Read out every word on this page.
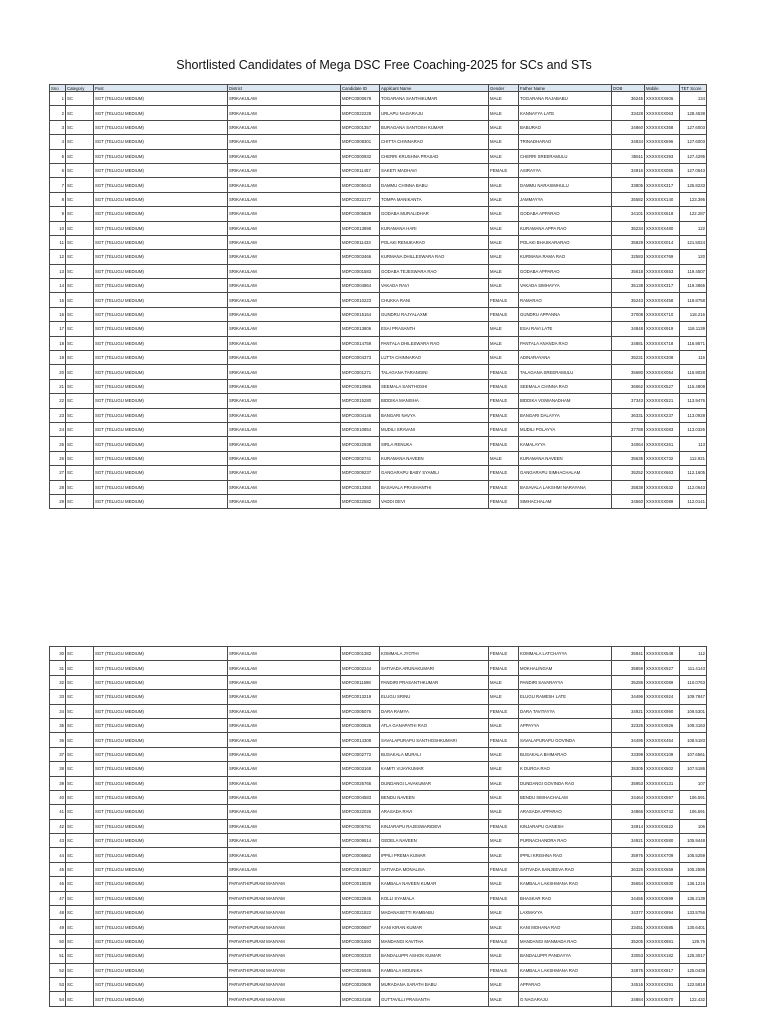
Shortlisted Candidates of Mega DSC Free Coaching-2025 for SCs and STs
Sno	Category	Post	District	Candidate ID	Applicant Name	Gender	Father Name	DOB	Mobile	TET Score
1	SC	SGT (TELUGU MEDIUM)	SRIKAKULAM	MDFC0000678	TOGARANA SANTHIKUMAR	MALE	TOGARANA RAJABABU	36245	XXXXXXX606	134
2	SC	SGT (TELUGU MEDIUM)	SRIKAKULAM	MDFC0022228	URLAPU NAGARAJU	MALE	KANNAYYA LATE	33428	XXXXXXX063	128.4538
3	SC	SGT (TELUGU MEDIUM)	SRIKAKULAM	MDFC0001357	BURAGANA SANTOSH KUMAR	MALE	BABURAO	34860	XXXXXXX358	127.6003
4	SC	SGT (TELUGU MEDIUM)	SRIKAKULAM	MDFC0008301	CHITTA CHINNARAO	MALE	TRINADHARAO	34834	XXXXXXX696	127.6003
5	SC	SGT (TELUGU MEDIUM)	SRIKAKULAM	MDFC0000932	CHERRI KRUSHNA PRASAD	MALE	CHERRI SREERAMULU	35511	XXXXXXX393	127.4295
6	SC	SGT (TELUGU MEDIUM)	SRIKAKULAM	MDFC0011457	SAKETI MADHAVI	FEMALE	ASIRAYYA	34916	XXXXXXX055	127.0643
7	SC	SGT (TELUGU MEDIUM)	SRIKAKULAM	MDFC0005043	DAMMU CHINNA BABU	MALE	DAMMU NARASIMHULU	33805	XXXXXXX317	125.8233
8	SC	SGT (TELUGU MEDIUM)	SRIKAKULAM	MDFC0022177	TOMPA MANIKANTA	MALE	JAMMAYYA	35582	XXXXXXX140	123.395
9	SC	SGT (TELUGU MEDIUM)	SRIKAKULAM	MDFC0005829	GODABA MURALIDHAR	MALE	GODABA APPARAO	34101	XXXXXXX618	122.287
10	SC	SGT (TELUGU MEDIUM)	SRIKAKULAM	MDFC0013898	KURAMANA HARI	MALE	KURAMANA APPA RAO	35234	XXXXXXX480	122
11	SC	SGT (TELUGU MEDIUM)	SRIKAKULAM	MDFC0011433	POLAKI RENUKARAO	MALE	POLAKI BHASKARARAO	35829	XXXXXXX014	121.5024
12	SC	SGT (TELUGU MEDIUM)	SRIKAKULAM	MDFC0003466	KURMANA DHILLESWARA RAO	MALE	KURMANA RAMA RAO	32583	XXXXXXX769	120
13	SC	SGT (TELUGU MEDIUM)	SRIKAKULAM	MDFC0001583	GODABA TEJESWARA RAO	MALE	GODABA APPARAO	35618	XXXXXXX653	119.4507
14	SC	SGT (TELUGU MEDIUM)	SRIKAKULAM	MDFC0004864	VAKADA RAVI	MALE	VAKADA SIMHAYYA	35138	XXXXXXX317	119.3865
15	SC	SGT (TELUGU MEDIUM)	SRIKAKULAM	MDFC0010223	CHUKKA RANI	FEMALE	RAMARAO	35243	XXXXXXX458	118.8758
16	SC	SGT (TELUGU MEDIUM)	SRIKAKULAM	MDFC0015164	GUNDRU RAJYALAXMI	FEMALE	GUNDRU APPANNA	37008	XXXXXXX710	118.216
17	SC	SGT (TELUGU MEDIUM)	SRIKAKULAM	MDFC0013806	ESAI PRASANTH	MALE	ESAI RAVI LATE	34848	XXXXXXX919	118.1139
18	SC	SGT (TELUGU MEDIUM)	SRIKAKULAM	MDFC0014759	PANTALA DHILESWARA RAO	MALE	PANTALA ANANDA RAO	34881	XXXXXXX718	116.9571
19	SC	SGT (TELUGU MEDIUM)	SRIKAKULAM	MDFC0004373	LUTTA CHINNARAO	MALE	ADINARAYANA	35231	XXXXXXX308	116
20	SC	SGT (TELUGU MEDIUM)	SRIKAKULAM	MDFC0001271	TALAGANA TARANGINI	FEMALE	TALAGANA SREERAMULU	35680	XXXXXXX054	115.9028
21	SC	SGT (TELUGU MEDIUM)	SRIKAKULAM	MDFC0010965	SEEMALA SANTHOSHI	FEMALE	SEEMALA CHINNA RAO	36662	XXXXXXX527	115.4808
22	SC	SGT (TELUGU MEDIUM)	SRIKAKULAM	MDFC0015280	BIDDIKA MANISHA	FEMALE	BIDDIKA VISWANADHAM	37343	XXXXXXX521	113.9476
23	SC	SGT (TELUGU MEDIUM)	SRIKAKULAM	MDFC0004146	BANGARI NAVYA	FEMALE	BANGARI DALAYYA	36331	XXXXXXX237	113.0928
24	SC	SGT (TELUGU MEDIUM)	SRIKAKULAM	MDFC0010854	MUDILI SRAVANI	FEMALE	MUDILI POLAYYA	37788	XXXXXXX083	113.0326
25	SC	SGT (TELUGU MEDIUM)	SRIKAKULAM	MDFC0022938	SIRLA RENUKA	FEMALE	KAMALAYYA	34064	XXXXXXX261	113
26	SC	SGT (TELUGU MEDIUM)	SRIKAKULAM	MDFC0002741	KURAMANA NAVEEN	MALE	KURAMANA NAVEEN	35635	XXXXXXX732	112.921
27	SC	SGT (TELUGU MEDIUM)	SRIKAKULAM	MDFC0009237	GANGARAPU BABY SYAMILI	FEMALE	GANGARAPU SIMHACHALAM	35252	XXXXXXX663	112.1605
28	SC	SGT (TELUGU MEDIUM)	SRIKAKULAM	MDFC0013360	BASAVALA PRASHANTHI	FEMALE	BASAVALA LAKSHMI NARAYANA	35838	XXXXXXX632	112.0643
29	SC	SGT (TELUGU MEDIUM)	SRIKAKULAM	MDFC0022582	VADDI DEVI	FEMALE	SIMHACHALAM	34560	XXXXXXX089	112.0141
30	SC	SGT (TELUGU MEDIUM)	SRIKAKULAM	MDFC0001382	KOMMALA JYOTHI	FEMALE	KOMMALA LATCHAYYA	35941	XXXXXXX548	112
31	SC	SGT (TELUGU MEDIUM)	SRIKAKULAM	MDFC0002244	SATIVADA ARUNAKUMARI	FEMALE	MOKHALINGAM	35859	XXXXXXX927	111.4143
32	SC	SGT (TELUGU MEDIUM)	SRIKAKULAM	MDFC0011598	PANDIRI PRASANTHKUMAR	MALE	PANDIRI SAVARAYYA	35286	XXXXXXX089	110.0763
33	SC	SGT (TELUGU MEDIUM)	SRIKAKULAM	MDFC0013219	ELUGU SRINU	MALE	ELUGU RAMESH LATE	34496	XXXXXXX924	109.7847
34	SC	SGT (TELUGU MEDIUM)	SRIKAKULAM	MDFC0005076	DARA RAMYA	FEMALE	DARA TAVITAYYA	34921	XXXXXXX990	109.5301
35	SC	SGT (TELUGU MEDIUM)	SRIKAKULAM	MDFC0000626	ATLA GANAPATHI RAO	MALE	APPAYYA	32325	XXXXXXX926	109.3163
36	SC	SGT (TELUGU MEDIUM)	SRIKAKULAM	MDFC0014308	SAVALAPURAPU SANTHOSHKUMARI	FEMALE	SAVALAPURAPU GOVINDA	34495	XXXXXXX454	108.5183
37	SC	SGT (TELUGU MEDIUM)	SRIKAKULAM	MDFC0002772	BUSAKALA MURALI	MALE	BUSAKALA BHIMARAO	33399	XXXXXXX109	107.6561
38	SC	SGT (TELUGU MEDIUM)	SRIKAKULAM	MDFC0003168	KAMITI VIJAYKUMAR	MALE	K DURGA RAO	35305	XXXXXXX502	107.5186
39	SC	SGT (TELUGU MEDIUM)	SRIKAKULAM	MDFC0026765	DUNDANGI LAVAKUMAR	MALE	DUNDANGI GOVINDA RAO	35953	XXXXXXX131	107
40	SC	SGT (TELUGU MEDIUM)	SRIKAKULAM	MDFC0004583	BENDU NAVEEN	MALE	BENDU SIMHACHALAM	34464	XXXXXXX597	106.591
41	SC	SGT (TELUGU MEDIUM)	SRIKAKULAM	MDFC0022026	ARASADA RAVI	MALE	ARASADA APPARAO	34866	XXXXXXX742	106.591
42	SC	SGT (TELUGU MEDIUM)	SRIKAKULAM	MDFC0005791	KINJARAPU RAJESWARIDEVI	FEMALE	KINJARAPU GANESH	34914	XXXXXXX622	106
43	SC	SGT (TELUGU MEDIUM)	SRIKAKULAM	MDFC0009514	GEDELA NAVEEN	MALE	PURNACHANDRA RAO	34921	XXXXXXX580	105.9448
44	SC	SGT (TELUGU MEDIUM)	SRIKAKULAM	MDFC0006862	IPPILI PREMA KUMAR	MALE	IPPILI KRISHNA RAO	35976	XXXXXXX709	105.5259
45	SC	SGT (TELUGU MEDIUM)	SRIKAKULAM	MDFC0010627	SATIVADA MONALISA	FEMALE	SATIVADA SANJEEVA RAO	36326	XXXXXXX659	105.2595
46	SC	SGT (TELUGU MEDIUM)	PARVATHIPURAM MANYAM	MDFC0018028	KAMBALA NAVEEN KUMAR	MALE	KAMBALA LAKSHMANA RAO	35654	XXXXXXX930	136.1216
47	SC	SGT (TELUGU MEDIUM)	PARVATHIPURAM MANYAM	MDFC0022845	KOLLI SYAMALA	FEMALE	BHASKAR RAO	34455	XXXXXXX699	135.2139
48	SC	SGT (TELUGU MEDIUM)	PARVATHIPURAM MANYAM	MDFC0021822	MADANASETTI RAMBABU	MALE	LAXMAYYA	34377	XXXXXXX894	133.5756
49	SC	SGT (TELUGU MEDIUM)	PARVATHIPURAM MANYAM	MDFC0000687	KANI KIRAN KUMAR	MALE	KANI MOHANA RAO	33451	XXXXXXX685	130.6401
50	SC	SGT (TELUGU MEDIUM)	PARVATHIPURAM MANYAM	MDFC0001593	MANDANGI KAVITHA	FEMALE	MANDANGI MANMADA RAO	35205	XXXXXXX881	129.76
51	SC	SGT (TELUGU MEDIUM)	PARVATHIPURAM MANYAM	MDFC0000320	BANDALUPPI ASHOK KUMAR	MALE	BANDALUPPI PANDAYYA	33053	XXXXXXX182	125.3017
52	SC	SGT (TELUGU MEDIUM)	PARVATHIPURAM MANYAM	MDFC0026946	KAMBALA MOUNIKA	FEMALE	KAMBALA LAKSHMANA RAO	34875	XXXXXXX817	125.0438
53	SC	SGT (TELUGU MEDIUM)	PARVATHIPURAM MANYAM	MDFC0020609	MURADANA SARATH BABU	MALE	APPARAO	34516	XXXXXXX391	122.5818
54	SC	SGT (TELUGU MEDIUM)	PARVATHIPURAM MANYAM	MDFC0024168	GUTTAVILLI PRASANTH	MALE	G NAGARAJU	34884	XXXXXXX570	122.432
